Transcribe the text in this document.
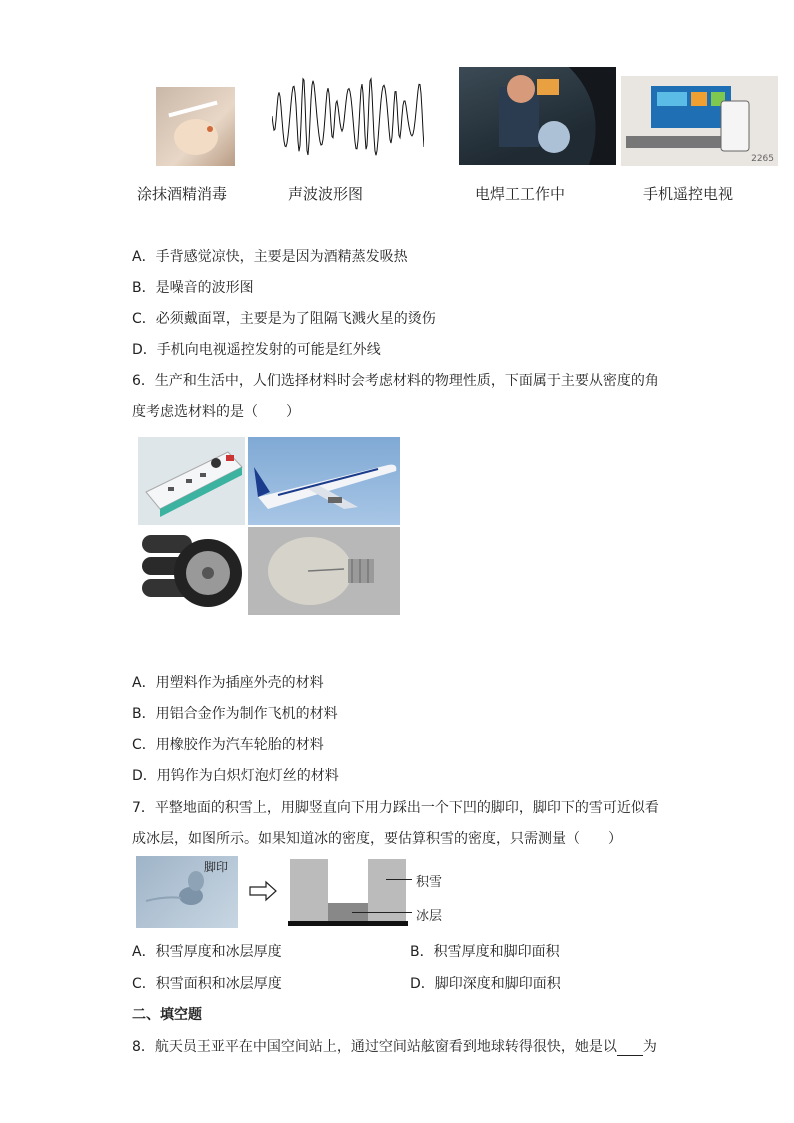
2265
涂抹酒精消毒	声波波形图	电焊工工作中	手机遥控电视
A．手背感觉凉快，主要是因为酒精蒸发吸热
B．是噪音的波形图
C．必须戴面罩，主要是为了阻隔飞溅火星的烫伤
D．手机向电视遥控发射的可能是红外线
6．生产和生活中，人们选择材料时会考虑材料的物理性质，下面属于主要从密度的角
度考虑选材料的是（　　）
A．用塑料作为插座外壳的材料
B．用铝合金作为制作飞机的材料
C．用橡胶作为汽车轮胎的材料
D．用钨作为白炽灯泡灯丝的材料
7．平整地面的积雪上，用脚竖直向下用力踩出一个下凹的脚印，脚印下的雪可近似看
成冰层，如图所示。如果知道冰的密度，要估算积雪的密度，只需测量（　　）
脚印
积雪
冰层
A．积雪厚度和冰层厚度	B．积雪厚度和脚印面积
C．积雪面积和冰层厚度	D．脚印深度和脚印面积
二、填空题
8．航天员王亚平在中国空间站上，通过空间站舷窗看到地球转得很快，她是以 为
